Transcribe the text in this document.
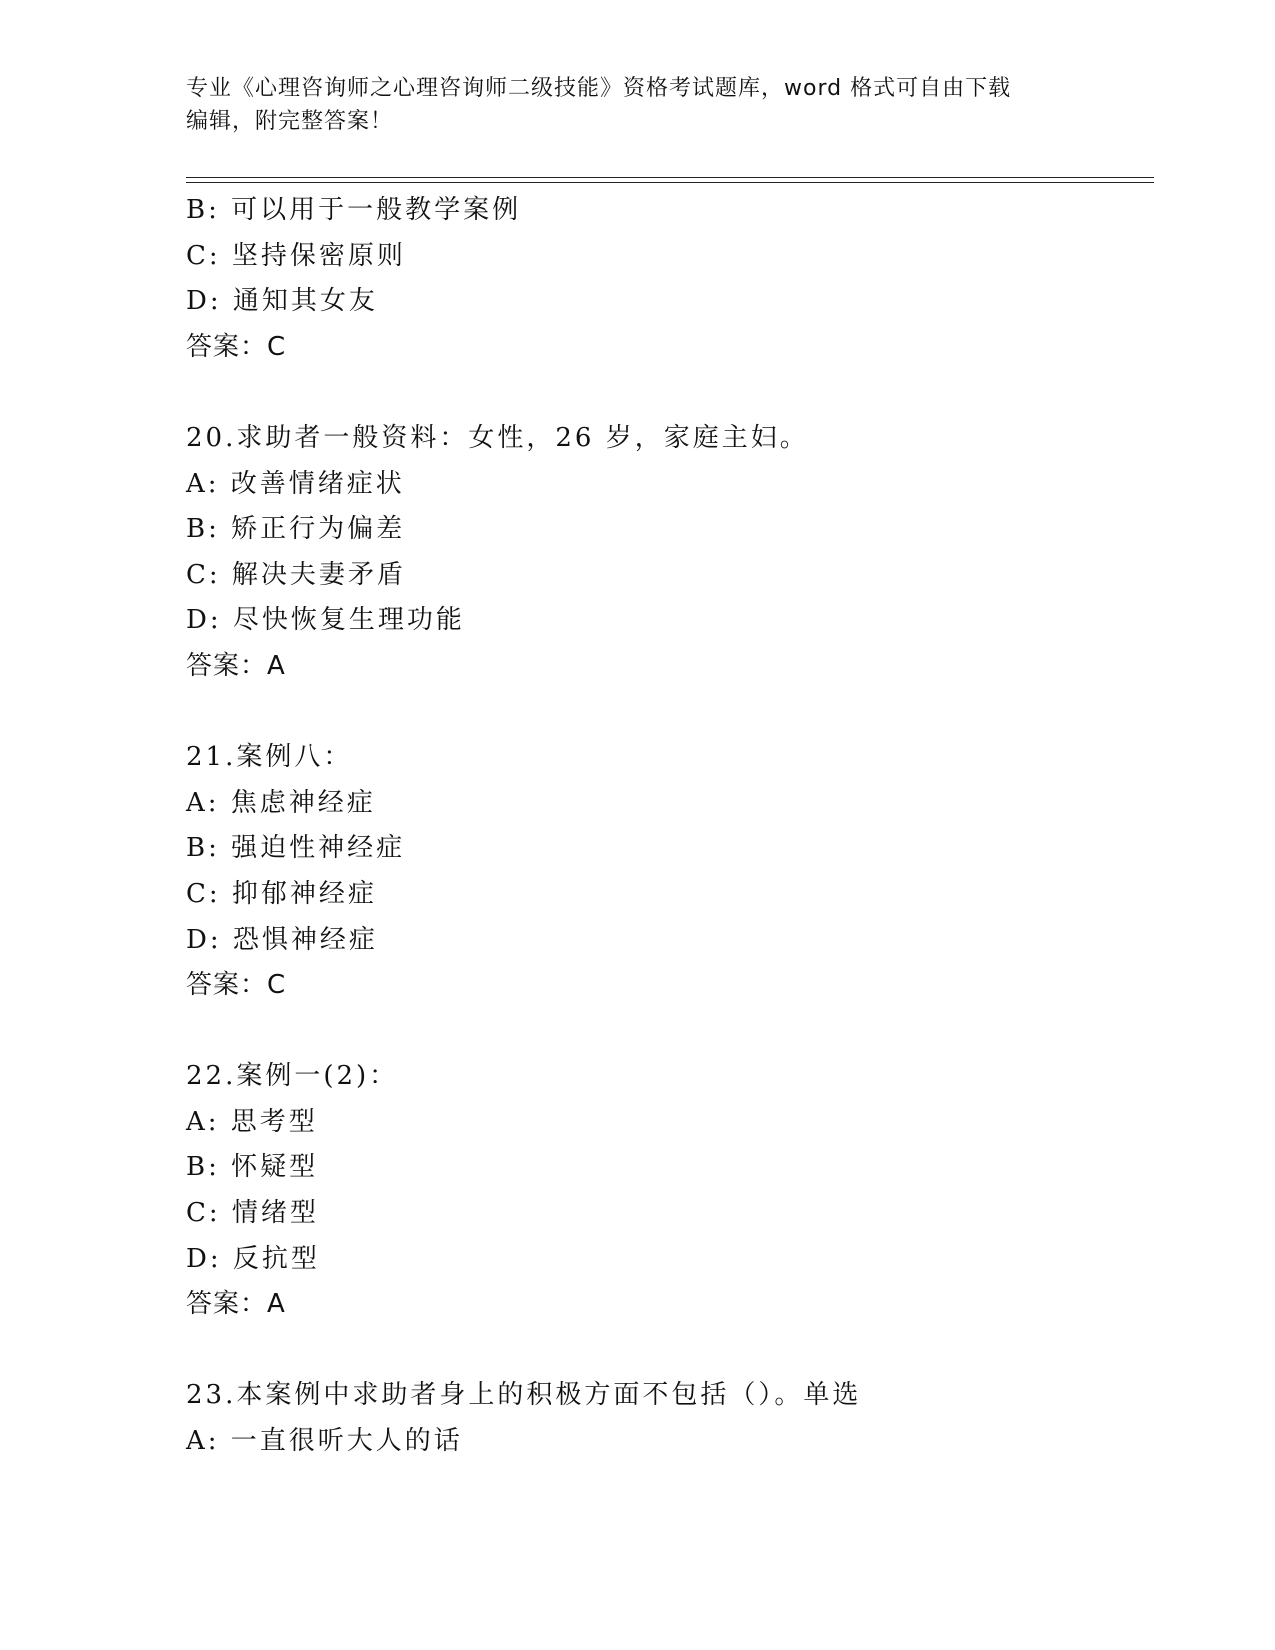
专业《心理咨询师之心理咨询师二级技能》资格考试题库，word 格式可自由下载
编辑，附完整答案！
B: 可以用于一般教学案例
C: 坚持保密原则
D: 通知其女友
答案：C
20.求助者一般资料：女性，26 岁，家庭主妇。
A: 改善情绪症状
B: 矫正行为偏差
C: 解决夫妻矛盾
D: 尽快恢复生理功能
答案：A
21.案例八：
A: 焦虑神经症
B: 强迫性神经症
C: 抑郁神经症
D: 恐惧神经症
答案：C
22.案例一(2)：
A: 思考型
B: 怀疑型
C: 情绪型
D: 反抗型
答案：A
23.本案例中求助者身上的积极方面不包括（）。单选
A: 一直很听大人的话
